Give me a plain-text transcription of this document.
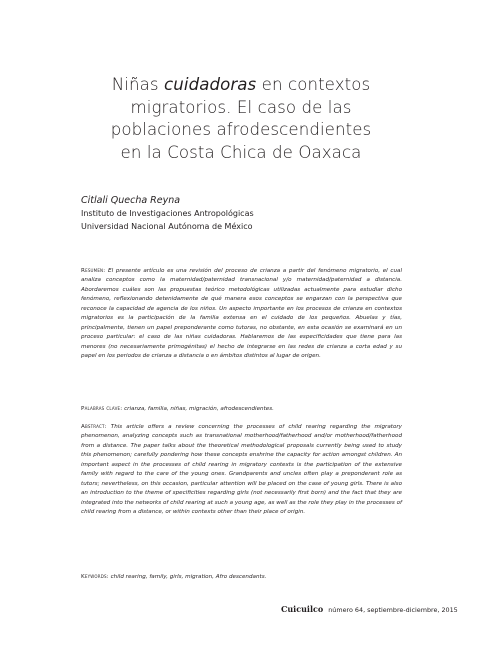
Niñas cuidadoras en contextos
migratorios. El caso de las
poblaciones afrodescendientes
en la Costa Chica de Oaxaca
Citlali Quecha Reyna
Instituto de Investigaciones Antropológicas
Universidad Nacional Autónoma de México
Resumen: El presente artículo es una revisión del proceso de crianza a partir del fenómeno migratorio, el cual analiza conceptos como la maternidad/paternidad transnacional y/o maternidad/paternidad a distancia. Abordaremos cuáles son las propuestas teórico metodológicas utilizadas actualmente para estudiar dicho fenómeno, reflexionando detenidamente de qué manera esos conceptos se engarzan con la perspectiva que reconoce la capacidad de agencia de los niños. Un aspecto importante en los procesos de crianza en contextos migratorios es la participación de la familia extensa en el cuidado de los pequeños. Abuelas y tías, principalmente, tienen un papel preponderante como tutoras, no obstante, en esta ocasión se examinará en un proceso particular: el caso de las niñas cuidadoras. Hablaremos de las especificidades que tiene para las menores (no necesariamente primogénitas) el hecho de integrarse en las redes de crianza a corta edad y su papel en los periodos de crianza a distancia o en ámbitos distintos al lugar de origen.
Palabras clave: crianza, familia, niñas, migración, afrodescendientes.
Abstract: This article offers a review concerning the processes of child rearing regarding the migratory phenomenon, analyzing concepts such as transnational motherhood/fatherhood and/or motherhood/fatherhood from a distance. The paper talks about the theoretical methodological proposals currently being used to study this phenomenon; carefully pondering how these concepts enshrine the capacity for action amongst children. An important aspect in the processes of child rearing in migratory contexts is the participation of the extensive family with regard to the care of the young ones. Grandparents and uncles often play a preponderant role as tutors; nevertheless, on this occasion, particular attention will be placed on the case of young girls. There is also an introduction to the theme of specificities regarding girls (not necessarily first born) and the fact that they are integrated into the networks of child rearing at such a young age, as well as the role they play in the processes of child rearing from a distance, or within contexts other than their place of origin.
Keywords: child rearing, family, girls, migration, Afro descendants.
Cuicuilco número 64, septiembre-diciembre, 2015
